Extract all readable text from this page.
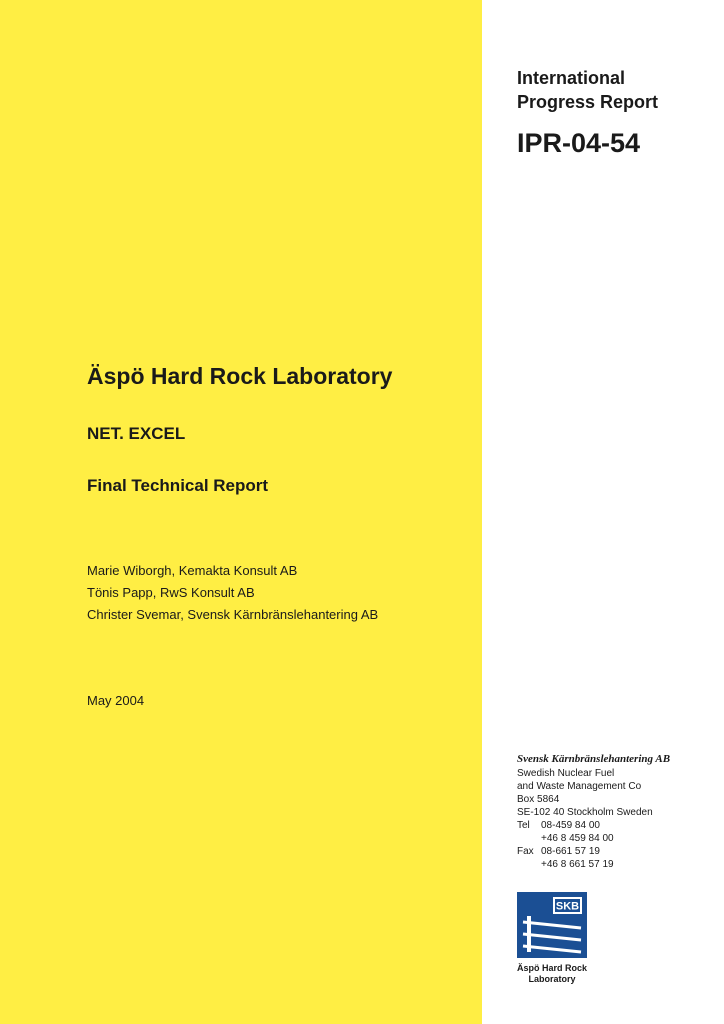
International
Progress Report
IPR-04-54
Äspö Hard Rock Laboratory
NET. EXCEL
Final Technical Report
Marie Wiborgh, Kemakta Konsult AB
Tönis Papp, RwS Konsult AB
Christer Svemar, Svensk Kärnbränslehantering AB
May 2004
Svensk Kärnbränslehantering AB
Swedish Nuclear Fuel
and Waste Management Co
Box 5864
SE-102 40 Stockholm Sweden
Tel	08-459 84 00
+46 8 459 84 00
Fax 08-661 57 19
+46 8 661 57 19
SKB
Äspö Hard Rock
Laboratory
